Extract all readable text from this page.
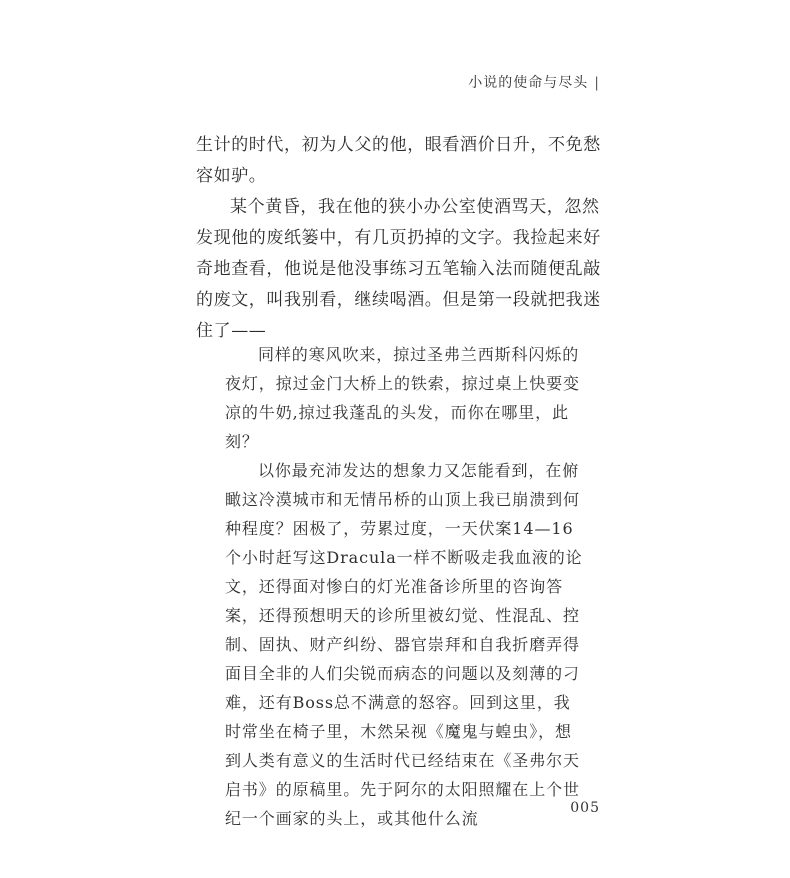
小说的使命与尽头 |

生计的时代，初为人父的他，眼看酒价日升，不免愁容如驴。

某个黄昏，我在他的狭小办公室使酒骂天，忽然发现他的废纸篓中，有几页扔掉的文字。我捡起来好奇地查看，他说是他没事练习五笔输入法而随便乱敲的废文，叫我别看，继续喝酒。但是第一段就把我迷住了——

同样的寒风吹来，掠过圣弗兰西斯科闪烁的夜灯，掠过金门大桥上的铁索，掠过桌上快要变凉的牛奶,掠过我蓬乱的头发，而你在哪里，此刻？

以你最充沛发达的想象力又怎能看到，在俯瞰这冷漠城市和无情吊桥的山顶上我已崩溃到何种程度？困极了，劳累过度，一天伏案14—16个小时赶写这Dracula一样不断吸走我血液的论文，还得面对惨白的灯光准备诊所里的咨询答案，还得预想明天的诊所里被幻觉、性混乱、控制、固执、财产纠纷、器官崇拜和自我折磨弄得面目全非的人们尖锐而病态的问题以及刻薄的刁难，还有Boss总不满意的怒容。回到这里，我时常坐在椅子里，木然呆视《魔鬼与蝗虫》，想到人类有意义的生活时代已经结束在《圣弗尔天启书》的原稿里。先于阿尔的太阳照耀在上个世纪一个画家的头上，或其他什么流

005
